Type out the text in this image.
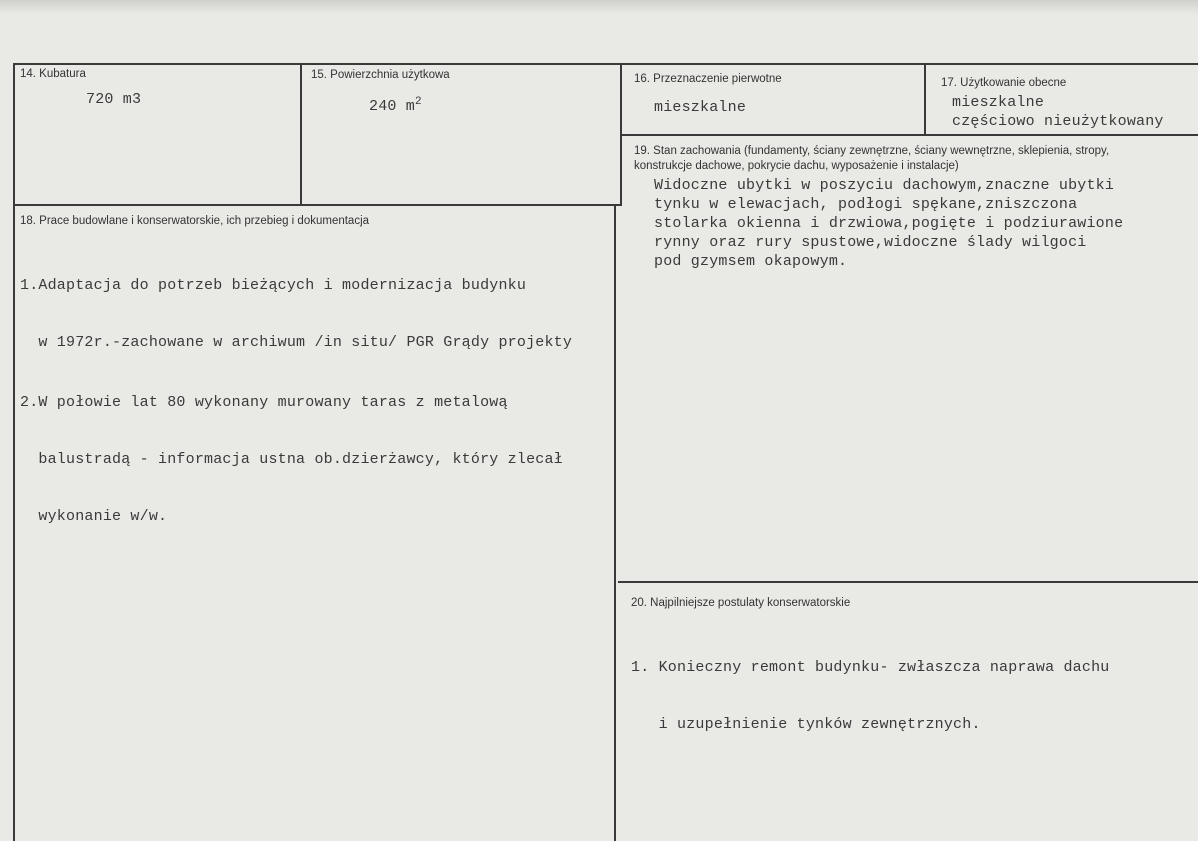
14. Kubatura
720 m3
15. Powierzchnia użytkowa
240 $m^2$
16. Przeznaczenie pierwotne
mieszkalne
17. Użytkowanie obecne
mieszkalne
częściowo nieużytkowany
18. Prace budowlane i konserwatorskie, ich przebieg i dokumentacja

1.Adaptacja do potrzeb bieżących i modernizacja budynku

w 1972r.-zachowane w archiwum /in situ/ PGR Grądy projekty

2.W połowie lat 80 wykonany murowany taras z metalową

balustradą - informacja ustna ob.dzierżawcy, który zlecał

wykonanie w/w.

19. Stan zachowania (fundamenty, ściany zewnętrzne, ściany wewnętrzne, sklepienia, stropy, konstrukcje dachowe, pokrycie dachu, wyposażenie i instalacje)
Widoczne ubytki w poszyciu dachowym,znaczne ubytki
tynku w elewacjach, podłogi spękane,zniszczona
stolarka okienna i drzwiowa,pogięte i podziurawione
rynny oraz rury spustowe,widoczne ślady wilgoci
pod gzymsem okapowym.
20. Najpilniejsze postulaty konserwatorskie

1. Konieczny remont budynku- zwłaszcza naprawa dachu

i uzupełnienie tynków zewnętrznych.
